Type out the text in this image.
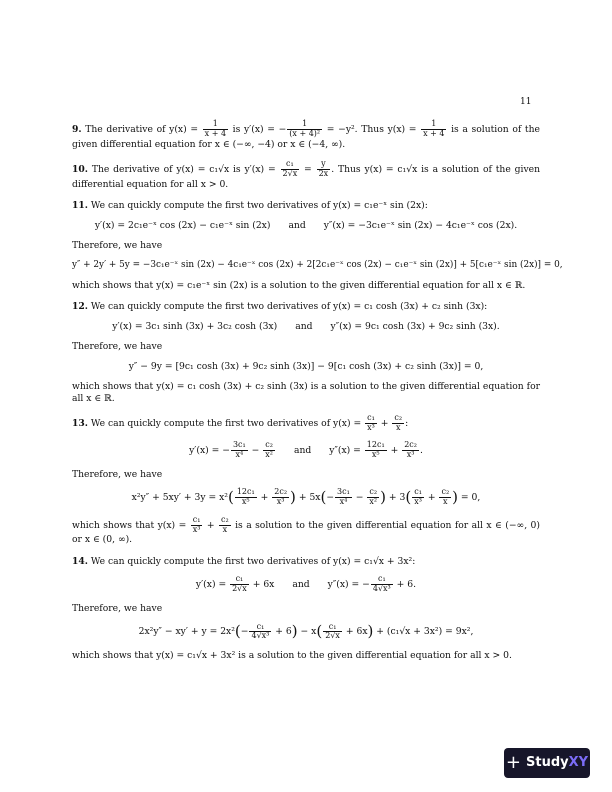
11

9. The derivative of $y(x) = \frac{1}{x + 4}$ is y′(x) = − $\frac{1}{\text{(x + 4)²}} = -y^2$. Thus $y(x) = \frac{1}{x + 4}$ is a solution of the given differential equation for x ∈ (−∞, −4) or x ∈ (−4, ∞).

10. The derivative of y(x) = c₁√x is $y'(x) = \frac{\text{c₁}}{2√x} = \frac{y}{2x}$ . Thus y(x) = c₁√x is a solution of the given differential equation for all x > 0.

11. We can quickly compute the first two derivatives of y(x) = c₁e⁻ˣ sin (2x):

y′(x) = 2c₁e⁻ˣ cos (2x) − c₁e⁻ˣ sin (2x) and y″(x) = −3c₁e⁻ˣ sin (2x) − 4c₁e⁻ˣ cos (2x).

Therefore, we have

y″ + 2y′ + 5y = −3c₁e⁻ˣ sin (2x) − 4c₁e⁻ˣ cos (2x) + 2[2c₁e⁻ˣ cos (2x) − c₁e⁻ˣ sin (2x)] + 5[c₁e⁻ˣ sin (2x)] = 0,

which shows that y(x) = c₁e⁻ˣ sin (2x) is a solution to the given differential equation for all x ∈ ℝ.

12. We can quickly compute the first two derivatives of y(x) = c₁ cosh (3x) + c₂ sinh (3x):

y′(x) = 3c₁ sinh (3x) + 3c₂ cosh (3x) and y″(x) = 9c₁ cosh (3x) + 9c₂ sinh (3x).

Therefore, we have

y″ − 9y = [9c₁ cosh (3x) + 9c₂ sinh (3x)] − 9[c₁ cosh (3x) + c₂ sinh (3x)] = 0,

which shows that y(x) = c₁ cosh (3x) + c₂ sinh (3x) is a solution to the given differential equation for all x ∈ ℝ.

13. We can quickly compute the first two derivatives of $y(x) = \frac{\text{c₁}}{\text{x³}} + \frac{\text{c₂}}{x}$ :

y′(x) = − $\frac{\text{3c₁}}{\text{x⁴}} - \frac{\text{c₂}}{\text{x²}}$ and $y''(x) = \frac{\text{12c₁}}{\text{x⁵}} + \frac{\text{2c₂}}{\text{x³}}$ .

Therefore, we have

$x^2y'' + 5xy' + 3y = x^2( \frac{\text{12c₁}}{\text{x⁵}} + \frac{\text{2c₂}}{\text{x³}}$ ) + $5x(- \frac{\text{3c₁}}{\text{x⁴}} - \frac{\text{c₂}}{\text{x²}}$ ) + $3( \frac{\text{c₁}}{\text{x³}} + \frac{\text{c₂}}{x}$ ) = 0,

which shows that $y(x) = \frac{\text{c₁}}{\text{x³}} + \frac{\text{c₂}}{x}$ is a solution to the given differential equation for all x ∈ (−∞, 0) or x ∈ (0, ∞).

14. We can quickly compute the first two derivatives of y(x) = c₁√x + 3x²:

$y'(x) = \frac{\text{c₁}}{2√x} + 6x$ and y″(x) = − $\frac{\text{c₁}}{\text{4√x³}} + 6$.

Therefore, we have

$2x^2y'' - xy' + y = 2x^2(- \frac{\text{c₁}}{\text{4√x³}} + 6) - x( \frac{\text{c₁}}{2√x} + 6x) + (c_1√x + 3x^2) = 9x^2$,

which shows that y(x) = c₁√x + 3x² is a solution to the given differential equation for all x > 0.

+ Study XY
